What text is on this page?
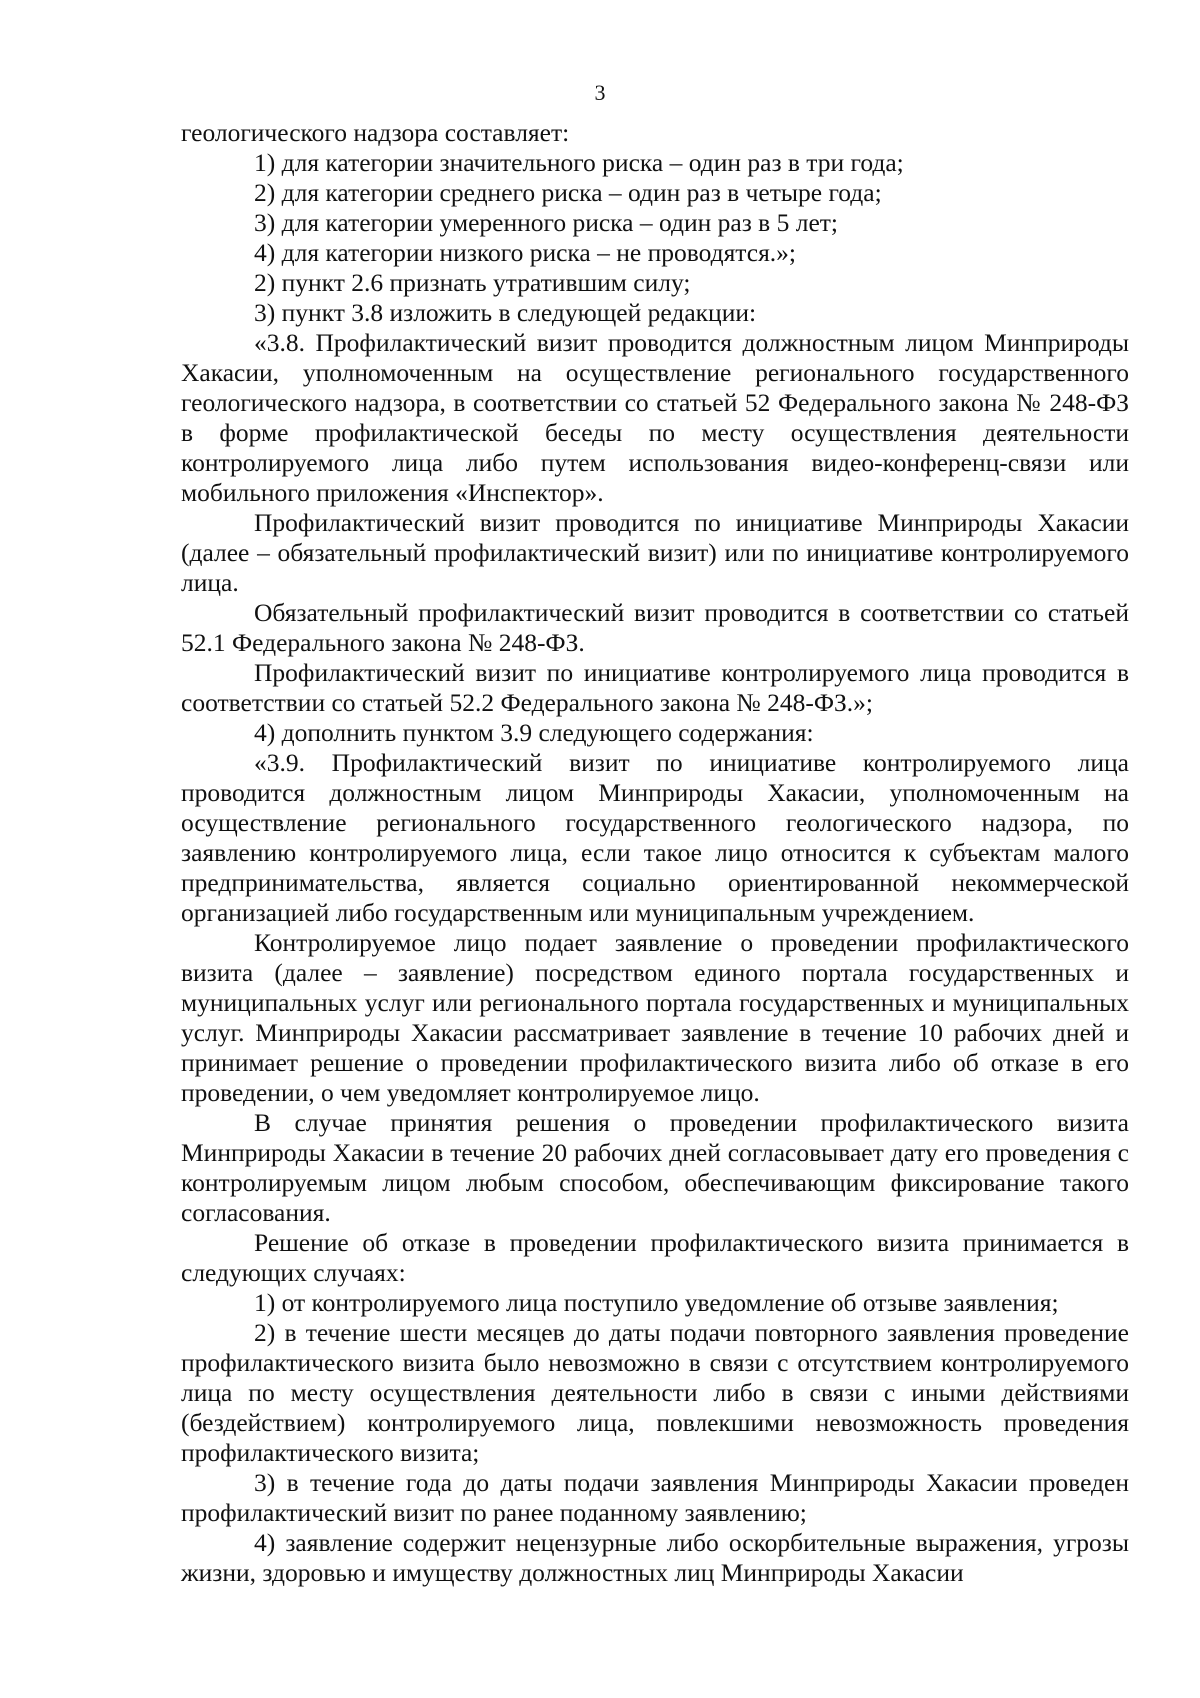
3

геологического надзора составляет:

1) для категории значительного риска – один раз в три года;

2) для категории среднего риска – один раз в четыре года;

3) для категории умеренного риска – один раз в 5 лет;

4) для категории низкого риска – не проводятся.»;

2) пункт 2.6 признать утратившим силу;

3) пункт 3.8 изложить в следующей редакции:

«3.8. Профилактический визит проводится должностным лицом Минприроды Хакасии, уполномоченным на осуществление регионального государственного геологического надзора, в соответствии со статьей 52 Федерального закона № 248-ФЗ в форме профилактической беседы по месту осуществления деятельности контролируемого лица либо путем использования видео-конференц-связи или мобильного приложения «Инспектор».

Профилактический визит проводится по инициативе Минприроды Хакасии (далее – обязательный профилактический визит) или по инициативе контролируемого лица.

Обязательный профилактический визит проводится в соответствии со статьей 52.1 Федерального закона № 248-ФЗ.

Профилактический визит по инициативе контролируемого лица проводится в соответствии со статьей 52.2 Федерального закона № 248-ФЗ.»;

4) дополнить пунктом 3.9 следующего содержания:

«3.9. Профилактический визит по инициативе контролируемого лица проводится должностным лицом Минприроды Хакасии, уполномоченным на осуществление регионального государственного геологического надзора, по заявлению контролируемого лица, если такое лицо относится к субъектам малого предпринимательства, является социально ориентированной некоммерческой организацией либо государственным или муниципальным учреждением.

Контролируемое лицо подает заявление о проведении профилактического визита (далее – заявление) посредством единого портала государственных и муниципальных услуг или регионального портала государственных и муниципальных услуг. Минприроды Хакасии рассматривает заявление в течение 10 рабочих дней и принимает решение о проведении профилактического визита либо об отказе в его проведении, о чем уведомляет контролируемое лицо.

В случае принятия решения о проведении профилактического визита Минприроды Хакасии в течение 20 рабочих дней согласовывает дату его проведения с контролируемым лицом любым способом, обеспечивающим фиксирование такого согласования.

Решение об отказе в проведении профилактического визита принимается в следующих случаях:

1) от контролируемого лица поступило уведомление об отзыве заявления;

2) в течение шести месяцев до даты подачи повторного заявления проведение профилактического визита было невозможно в связи с отсутствием контролируемого лица по месту осуществления деятельности либо в связи с иными действиями (бездействием) контролируемого лица, повлекшими невозможность проведения профилактического визита;

3) в течение года до даты подачи заявления Минприроды Хакасии проведен профилактический визит по ранее поданному заявлению;

4) заявление содержит нецензурные либо оскорбительные выражения, угрозы жизни, здоровью и имуществу должностных лиц Минприроды Хакасии
